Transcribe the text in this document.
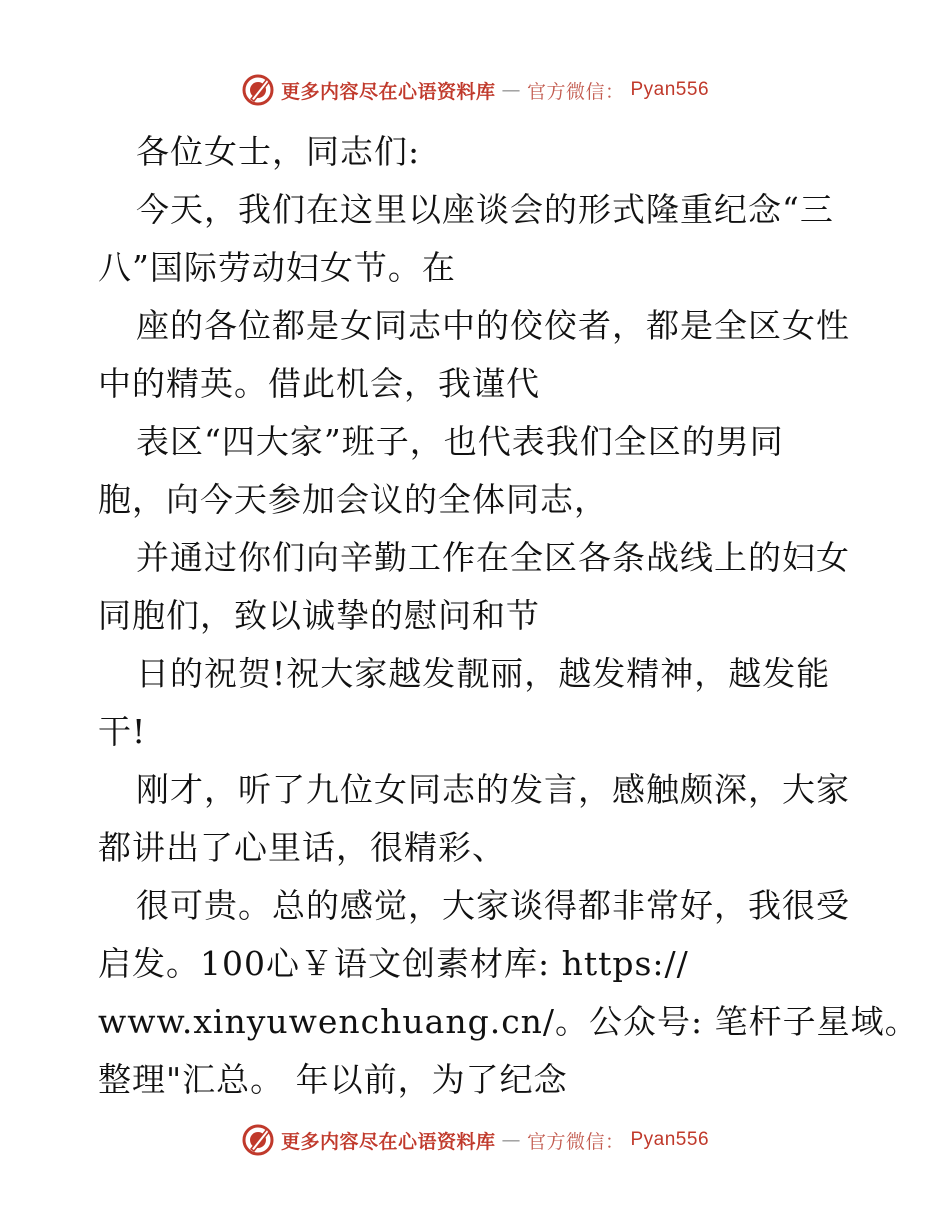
更多内容尽在心语资料库 — 官方微信： Pyan556
各位女士，同志们:
今天，我们在这里以座谈会的形式隆重纪念“三
八”国际劳动妇女节。在
座的各位都是女同志中的佼佼者，都是全区女性
中的精英。借此机会，我谨代
表区“四大家”班子，也代表我们全区的男同
胞，向今天参加会议的全体同志，
并通过你们向辛勤工作在全区各条战线上的妇女
同胞们，致以诚挚的慰问和节
日的祝贺!祝大家越发靓丽，越发精神，越发能
干!
刚才，听了九位女同志的发言，感触颇深，大家
都讲出了心里话，很精彩、
很可贵。总的感觉，大家谈得都非常好，我很受
启发。100心￥语文创素材库: https://
www.xinyuwenchuang.cn/。公众号: 笔杆子星域。
整理"汇总。 年以前，为了纪念
更多内容尽在心语资料库 — 官方微信： Pyan556
